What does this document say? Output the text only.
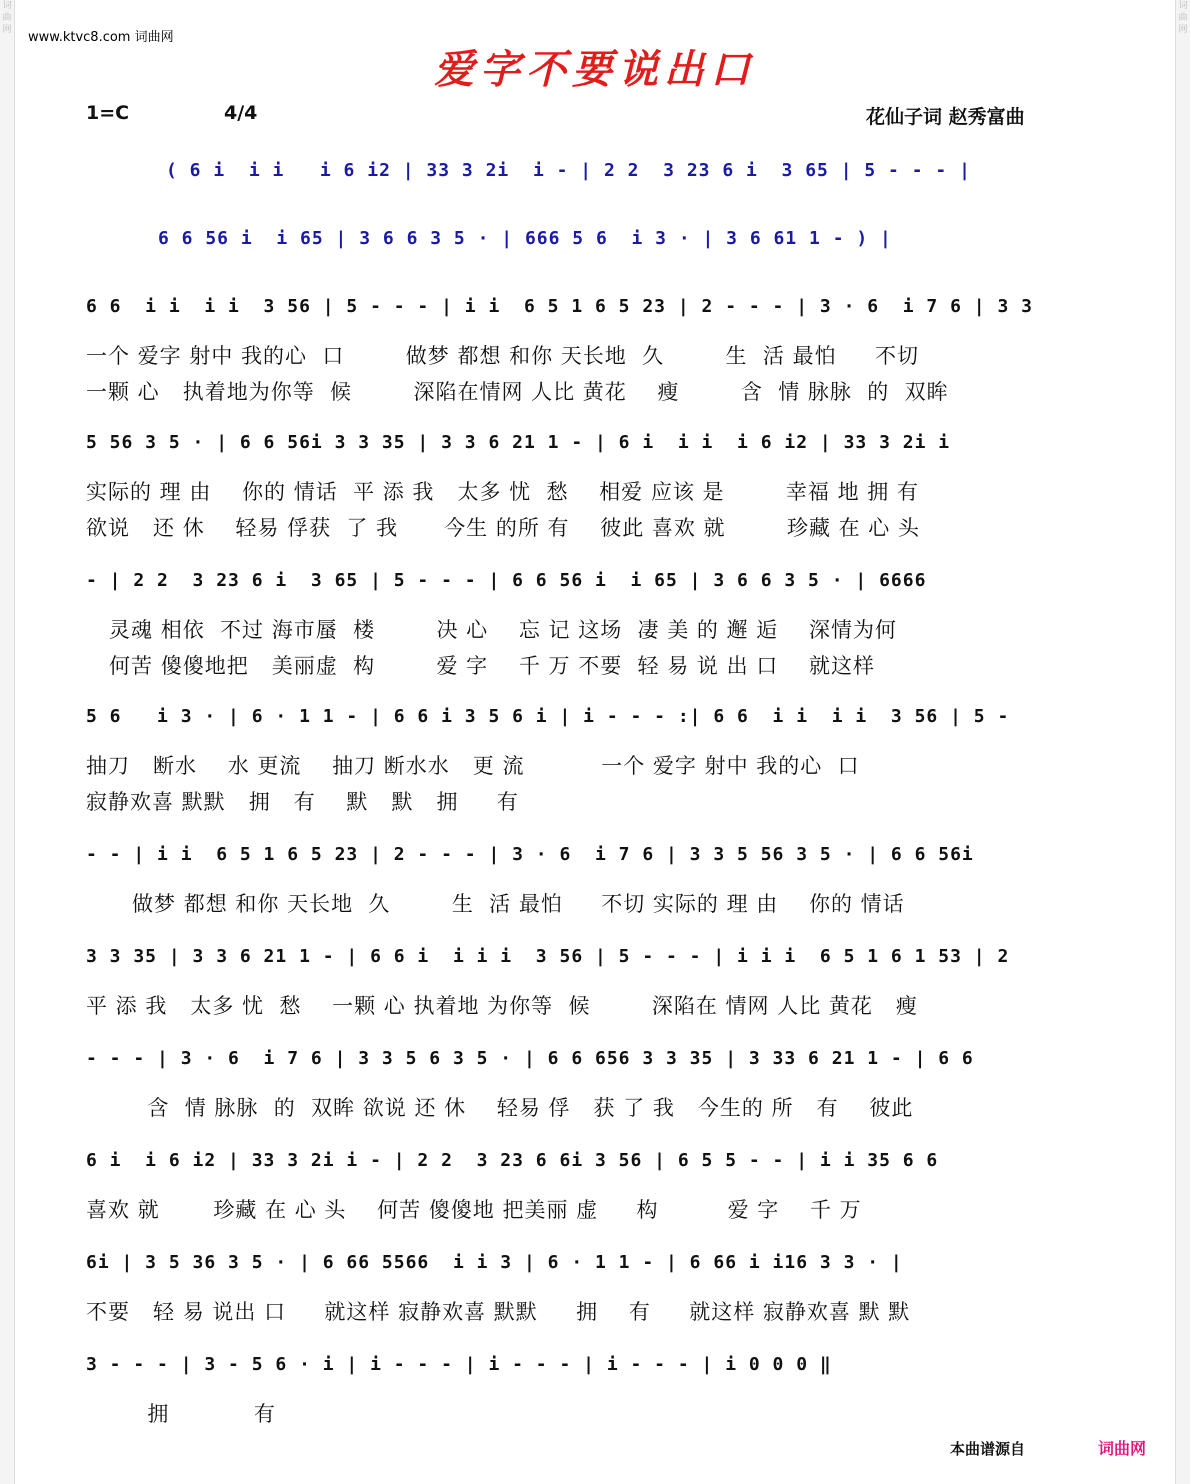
词曲网
词曲网
www.ktvc8.com 词曲网
爱字不要说出口
1=C	4/4	花仙子词 赵秀富曲
( 6 i  i i   i 6 i2 | 33 3 2i  i - | 2 2  3 23 6 i  3 65 | 5 - - - |
6 6 56 i  i 65 | 3 6 6 3 5 · | 666 5 6  i 3 · | 3 6 61 1 - ) |
6 6  i i  i i  3 56 | 5 - - - | i i  6 5 1 6 5 23 | 2 - - - | 3 · 6  i 7 6 | 3 3
一个 爱字 射中 我的心  口        做梦 都想 和你 天长地  久        生  活 最怕     不切
一颗 心   执着地为你等  候        深陷在情网 人比 黄花    瘦        含  情 脉脉  的  双眸
5 56 3 5 · | 6 6 56i 3 3 35 | 3 3 6 21 1 - | 6 i  i i  i 6 i2 | 33 3 2i i
实际的 理 由    你的 情话  平 添 我   太多 忧  愁    相爱 应该 是        幸福 地 拥 有
欲说   还 休    轻易 俘获  了 我      今生 的所 有    彼此 喜欢 就        珍藏 在 心 头
- | 2 2  3 23 6 i  3 65 | 5 - - - | 6 6 56 i  i 65 | 3 6 6 3 5 · | 6666
灵魂 相依  不过 海市蜃  楼        决 心    忘 记 这场  凄 美 的 邂 逅    深情为何
何苦 傻傻地把   美丽虚  构        爱 字    千 万 不要  轻 易 说 出 口    就这样
5 6   i 3 · | 6 · 1 1 - | 6 6 i 3 5 6 i | i - - - :| 6 6  i i  i i  3 56 | 5 -
抽刀   断水    水 更流    抽刀 断水水   更 流          一个 爱字 射中 我的心  口
寂静欢喜 默默   拥   有    默   默   拥     有
- - | i i  6 5 1 6 5 23 | 2 - - - | 3 · 6  i 7 6 | 3 3 5 56 3 5 · | 6 6 56i
做梦 都想 和你 天长地  久        生  活 最怕     不切 实际的 理 由    你的 情话
3 3 35 | 3 3 6 21 1 - | 6 6 i  i i i  3 56 | 5 - - - | i i i  6 5 1 6 1 53 | 2
平 添 我   太多 忧  愁    一颗 心 执着地 为你等  候        深陷在 情网 人比 黄花   瘦
- - - | 3 · 6  i 7 6 | 3 3 5 6 3 5 · | 6 6 656 3 3 35 | 3 33 6 21 1 - | 6 6
含  情 脉脉  的  双眸 欲说 还 休    轻易 俘   获 了 我   今生的 所   有    彼此
6 i  i 6 i2 | 33 3 2i i - | 2 2  3 23 6 6i 3 56 | 6 5 5 - - | i i 35 6 6
喜欢 就       珍藏 在 心 头    何苦 傻傻地 把美丽 虚     构         爱 字    千 万
6i | 3 5 36 3 5 · | 6 66 5566  i i 3 | 6 · 1 1 - | 6 66 i i16 3 3 · |
不要   轻 易 说出 口     就这样 寂静欢喜 默默     拥    有     就这样 寂静欢喜 默 默
3 - - - | 3 - 5 6 · i | i - - - | i - - - | i - - - | i 0 0 0 ‖
拥           有
本曲谱源自	词曲网
